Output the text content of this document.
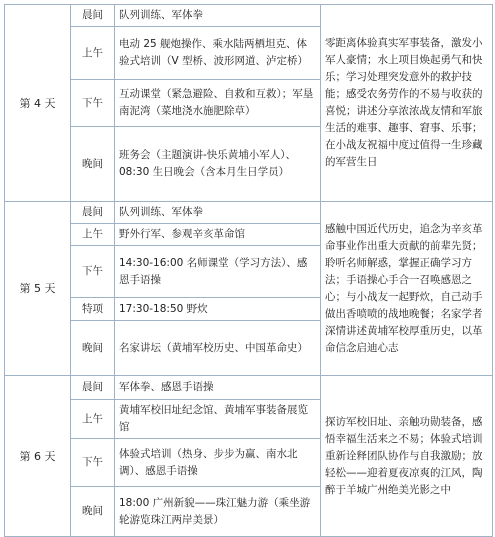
第 4 天	晨间	队列训练、军体拳	零距离体验真实军事装备，激发小军人豪情；水上项目焕起勇气和快乐；学习处理突发意外的救护技能；感受农务劳作的不易与收获的喜悦；讲述分享浓浓战友情和军旅生活的难事、趣事、窘事、乐事；在小战友祝福中度过值得一生珍藏的军营生日
	上午	电动 25 舰炮操作、乘水陆两栖坦克、体验式培训（V 型桥、波形网道、泸定桥）	
	下午	互动课堂（紧急避险、自救和互救）；军垦南泥湾（菜地浇水施肥除草）	
	晚间	班务会（主题演讲-快乐黄埔小军人）、08:30 生日晚会（含本月生日学员）	
第 5 天	晨间	队列训练、军体拳	感触中国近代历史，追念为辛亥革命事业作出重大贡献的前辈先贤；聆听名师解惑，掌握正确学习方法；手语操心手合一召唤感恩之心；与小战友一起野炊，自己动手做出香喷喷的战地晚餐；名家学者深情讲述黄埔军校厚重历史，以革命信念启迪心志
	上午	野外行军、参观辛亥革命馆	
	下午	14:30-16:00 名师课堂（学习方法）、感恩手语操	
	特项	17:30-18:50 野炊	
	晚间	名家讲坛（黄埔军校历史、中国革命史）	
第 6 天	晨间	军体拳、感恩手语操	探访军校旧址、亲触功勋装备，感悟幸福生活来之不易；体验式培训重新诠释团队协作与自我激励；放轻松——迎着夏夜凉爽的江风，陶醉于羊城广州绝美光影之中
	上午	黄埔军校旧址纪念馆、黄埔军事装备展览馆	
	下午	体验式培训（热身、步步为赢、南水北调）、感恩手语操	
	晚间	18:00 广州新貌——珠江魅力游（乘坐游轮游览珠江两岸美景）	
